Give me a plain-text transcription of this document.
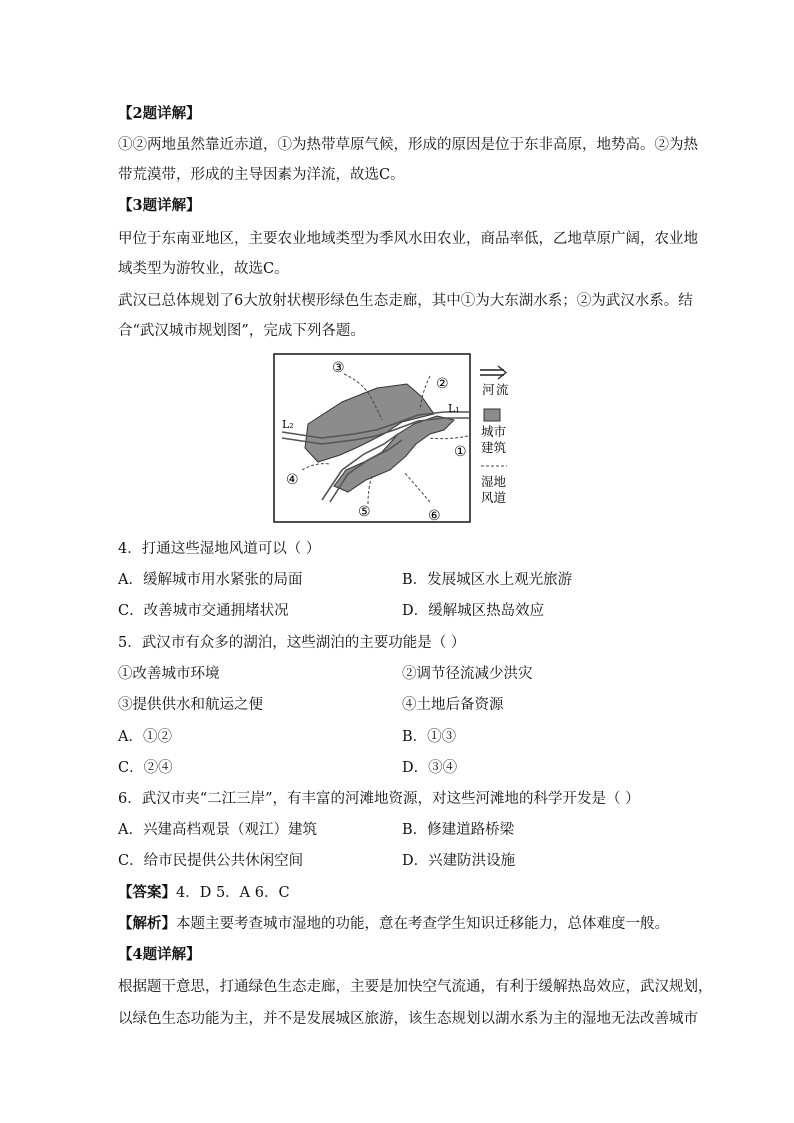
【2题详解】
①②两地虽然靠近赤道，①为热带草原气候，形成的原因是位于东非高原，地势高。②为热
带荒漠带，形成的主导因素为洋流，故选C。
【3题详解】
甲位于东南亚地区，主要农业地域类型为季风水田农业，商品率低，乙地草原广阔，农业地
域类型为游牧业，故选C。
武汉已总体规划了6大放射状楔形绿色生态走廊，其中①为大东湖水系；②为武汉水系。结
合“武汉城市规划图”，完成下列各题。
③
②
①
④
⑤	⑥
L₁
L₂
河 流
城市
建筑
湿地
风道
4．打通这些湿地风道可以（ ）
A．缓解城市用水紧张的局面	B．发展城区水上观光旅游
C．改善城市交通拥堵状况	D．缓解城区热岛效应
5．武汉市有众多的湖泊，这些湖泊的主要功能是（ ）
①改善城市环境	②调节径流减少洪灾
③提供供水和航运之便	④土地后备资源
A．①②	B．①③
C．②④	D．③④
6．武汉市夹“二江三岸”，有丰富的河滩地资源，对这些河滩地的科学开发是（ ）
A．兴建高档观景（观江）建筑	B．修建道路桥梁
C．给市民提供公共休闲空间	D．兴建防洪设施
【答案】4．D 5．A 6．C
【解析】本题主要考查城市湿地的功能，意在考查学生知识迁移能力，总体难度一般。
【4题详解】
根据题干意思，打通绿色生态走廊，主要是加快空气流通，有利于缓解热岛效应，武汉规划，
以绿色生态功能为主，并不是发展城区旅游，该生态规划以湖水系为主的湿地无法改善城市
